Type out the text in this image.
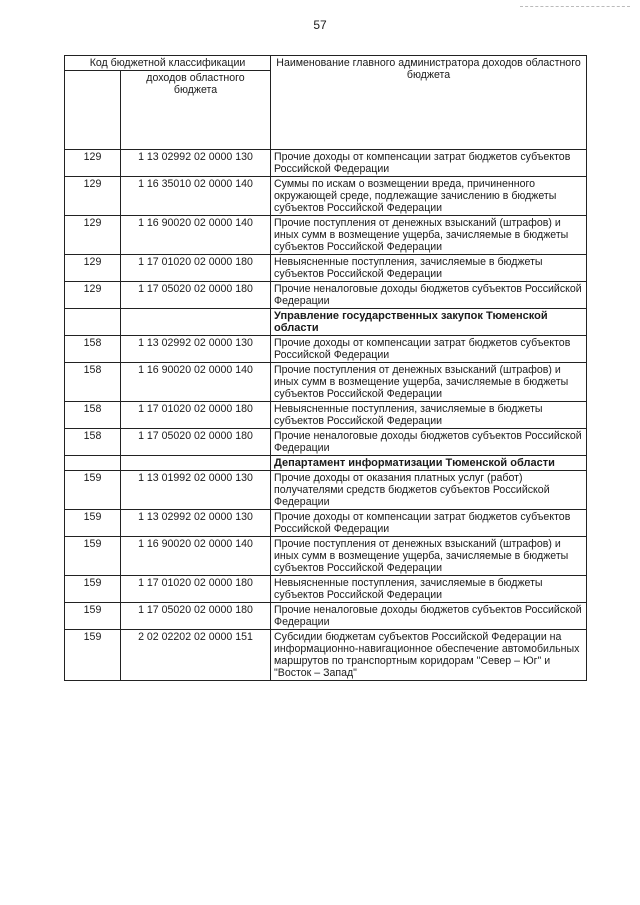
57
Код бюджетной классификации		Наименование главного администратора доходов областного бюджета
	доходов областного бюджета	
129	1 13 02992 02 0000 130	Прочие доходы от компенсации затрат бюджетов субъектов Российской Федерации
129	1 16 35010 02 0000 140	Суммы по искам о возмещении вреда, причиненного окружающей среде, подлежащие зачислению в бюджеты субъектов Российской Федерации
129	1 16 90020 02 0000 140	Прочие поступления от денежных взысканий (штрафов) и иных сумм в возмещение ущерба, зачисляемые в бюджеты субъектов Российской Федерации
129	1 17 01020 02 0000 180	Невыясненные поступления, зачисляемые в бюджеты субъектов Российской Федерации
129	1 17 05020 02 0000 180	Прочие неналоговые доходы бюджетов субъектов Российской Федерации
		Управление государственных закупок Тюменской области
158	1 13 02992 02 0000 130	Прочие доходы от компенсации затрат бюджетов субъектов Российской Федерации
158	1 16 90020 02 0000 140	Прочие поступления от денежных взысканий (штрафов) и иных сумм в возмещение ущерба, зачисляемые в бюджеты субъектов Российской Федерации
158	1 17 01020 02 0000 180	Невыясненные поступления, зачисляемые в бюджеты субъектов Российской Федерации
158	1 17 05020 02 0000 180	Прочие неналоговые доходы бюджетов субъектов Российской Федерации
		Департамент информатизации Тюменской области
159	1 13 01992 02 0000 130	Прочие доходы от оказания платных услуг (работ) получателями средств бюджетов субъектов Российской Федерации
159	1 13 02992 02 0000 130	Прочие доходы от компенсации затрат бюджетов субъектов Российской Федерации
159	1 16 90020 02 0000 140	Прочие поступления от денежных взысканий (штрафов) и иных сумм в возмещение ущерба, зачисляемые в бюджеты субъектов Российской Федерации
159	1 17 01020 02 0000 180	Невыясненные поступления, зачисляемые в бюджеты субъектов Российской Федерации
159	1 17 05020 02 0000 180	Прочие неналоговые доходы бюджетов субъектов Российской Федерации
159	2 02 02202 02 0000 151	Субсидии бюджетам субъектов Российской Федерации на информационно-навигационное обеспечение автомобильных маршрутов по транспортным коридорам "Север – Юг" и "Восток – Запад"
